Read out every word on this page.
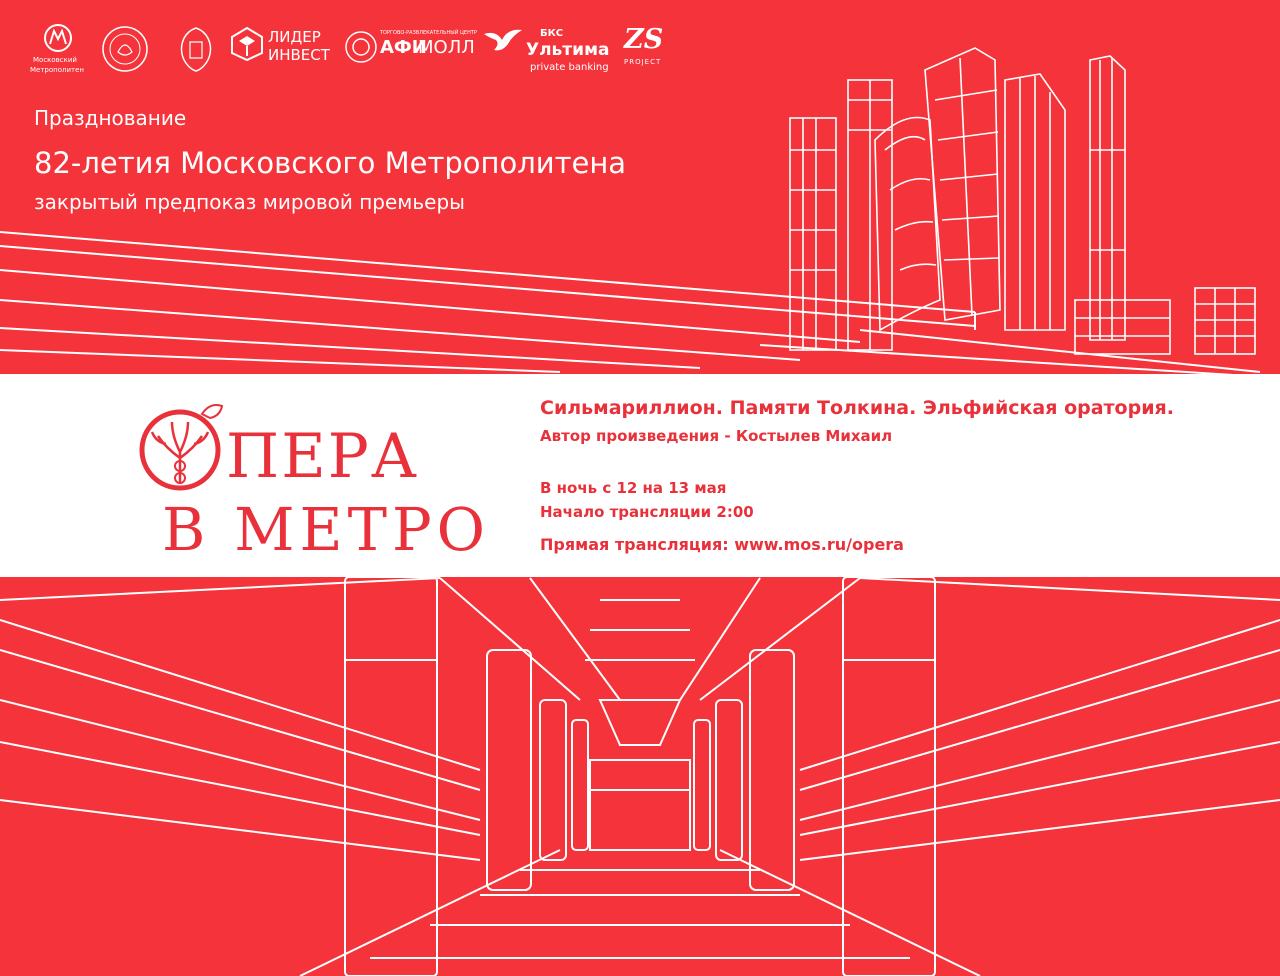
Московский
Метрополитен
ЛИДЕР
ИНВЕСТ
ТОРГОВО-РАЗВЛЕКАТЕЛЬНЫЙ ЦЕНТР
АФИ
МОЛЛ
БКС
Ультима
private banking
ZS
PROJECT
Празднование
82-летия Московского Метрополитена
закрытый предпоказ мировой премьеры
ПЕРА
В МЕТРО
Сильмариллион. Памяти Толкина. Эльфийская оратория.
Автор произведения - Костылев Михаил
В ночь с 12 на 13 мая
Начало трансляции 2:00
Прямая трансляция: www.mos.ru/opera
